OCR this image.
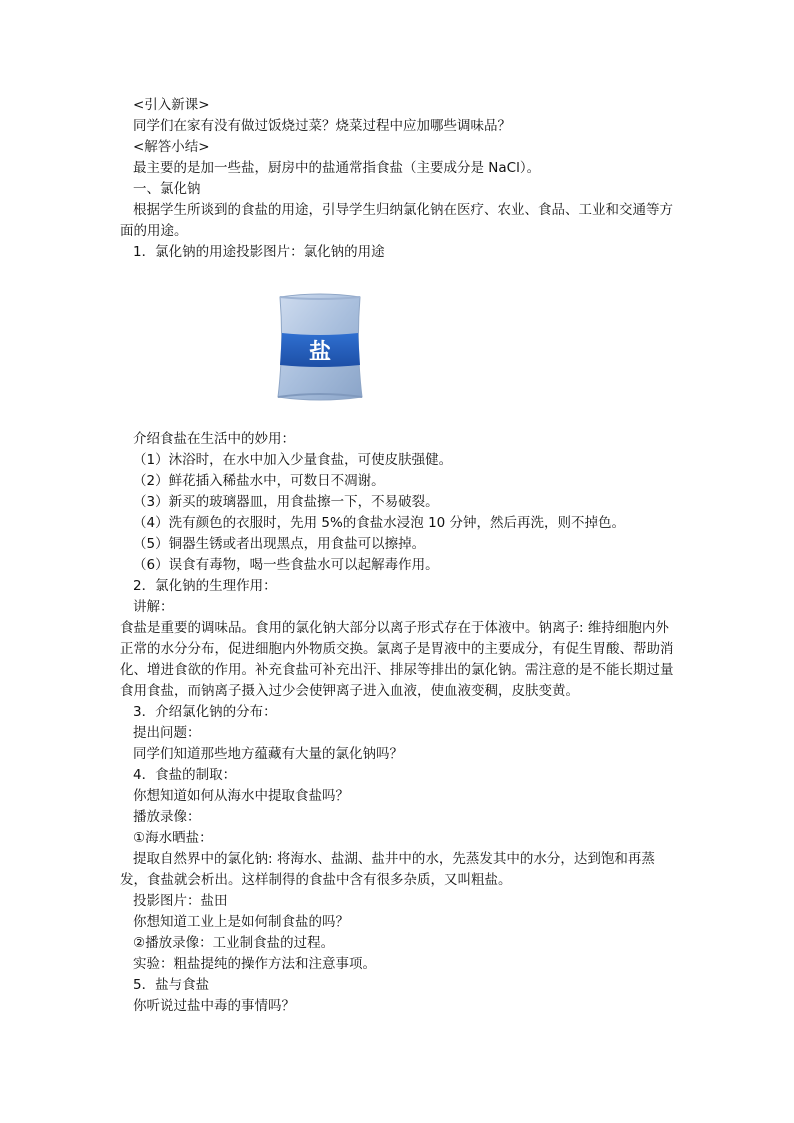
<引入新课>
同学们在家有没有做过饭烧过菜？烧菜过程中应加哪些调味品？
<解答小结>
最主要的是加一些盐，厨房中的盐通常指食盐（主要成分是 NaCl）。
一、氯化钠
根据学生所谈到的食盐的用途，引导学生归纳氯化钠在医疗、农业、食品、工业和交通等方面的用途。
1．氯化钠的用途投影图片：氯化钠的用途
盐
介绍食盐在生活中的妙用：
（1）沐浴时，在水中加入少量食盐，可使皮肤强健。
（2）鲜花插入稀盐水中，可数日不凋谢。
（3）新买的玻璃器皿，用食盐擦一下，不易破裂。
（4）洗有颜色的衣服时，先用 5%的食盐水浸泡 10 分钟，然后再洗，则不掉色。
（5）铜器生锈或者出现黑点，用食盐可以擦掉。
（6）误食有毒物，喝一些食盐水可以起解毒作用。
2．氯化钠的生理作用：
讲解：
食盐是重要的调味品。食用的氯化钠大部分以离子形式存在于体液中。钠离子: 维持细胞内外正常的水分分布，促进细胞内外物质交换。氯离子是胃液中的主要成分，有促生胃酸、帮助消化、增进食欲的作用。补充食盐可补充出汗、排尿等排出的氯化钠。需注意的是不能长期过量食用食盐，而钠离子摄入过少会使钾离子进入血液，使血液变稠，皮肤变黄。
3．介绍氯化钠的分布：
提出问题：
同学们知道那些地方蕴藏有大量的氯化钠吗？
4．食盐的制取：
你想知道如何从海水中提取食盐吗？
播放录像：
①海水晒盐：
提取自然界中的氯化钠: 将海水、盐湖、盐井中的水，先蒸发其中的水分，达到饱和再蒸发，食盐就会析出。这样制得的食盐中含有很多杂质，又叫粗盐。
投影图片：盐田
你想知道工业上是如何制食盐的吗？
②播放录像：工业制食盐的过程。
实验：粗盐提纯的操作方法和注意事项。
5．盐与食盐
你听说过盐中毒的事情吗？
